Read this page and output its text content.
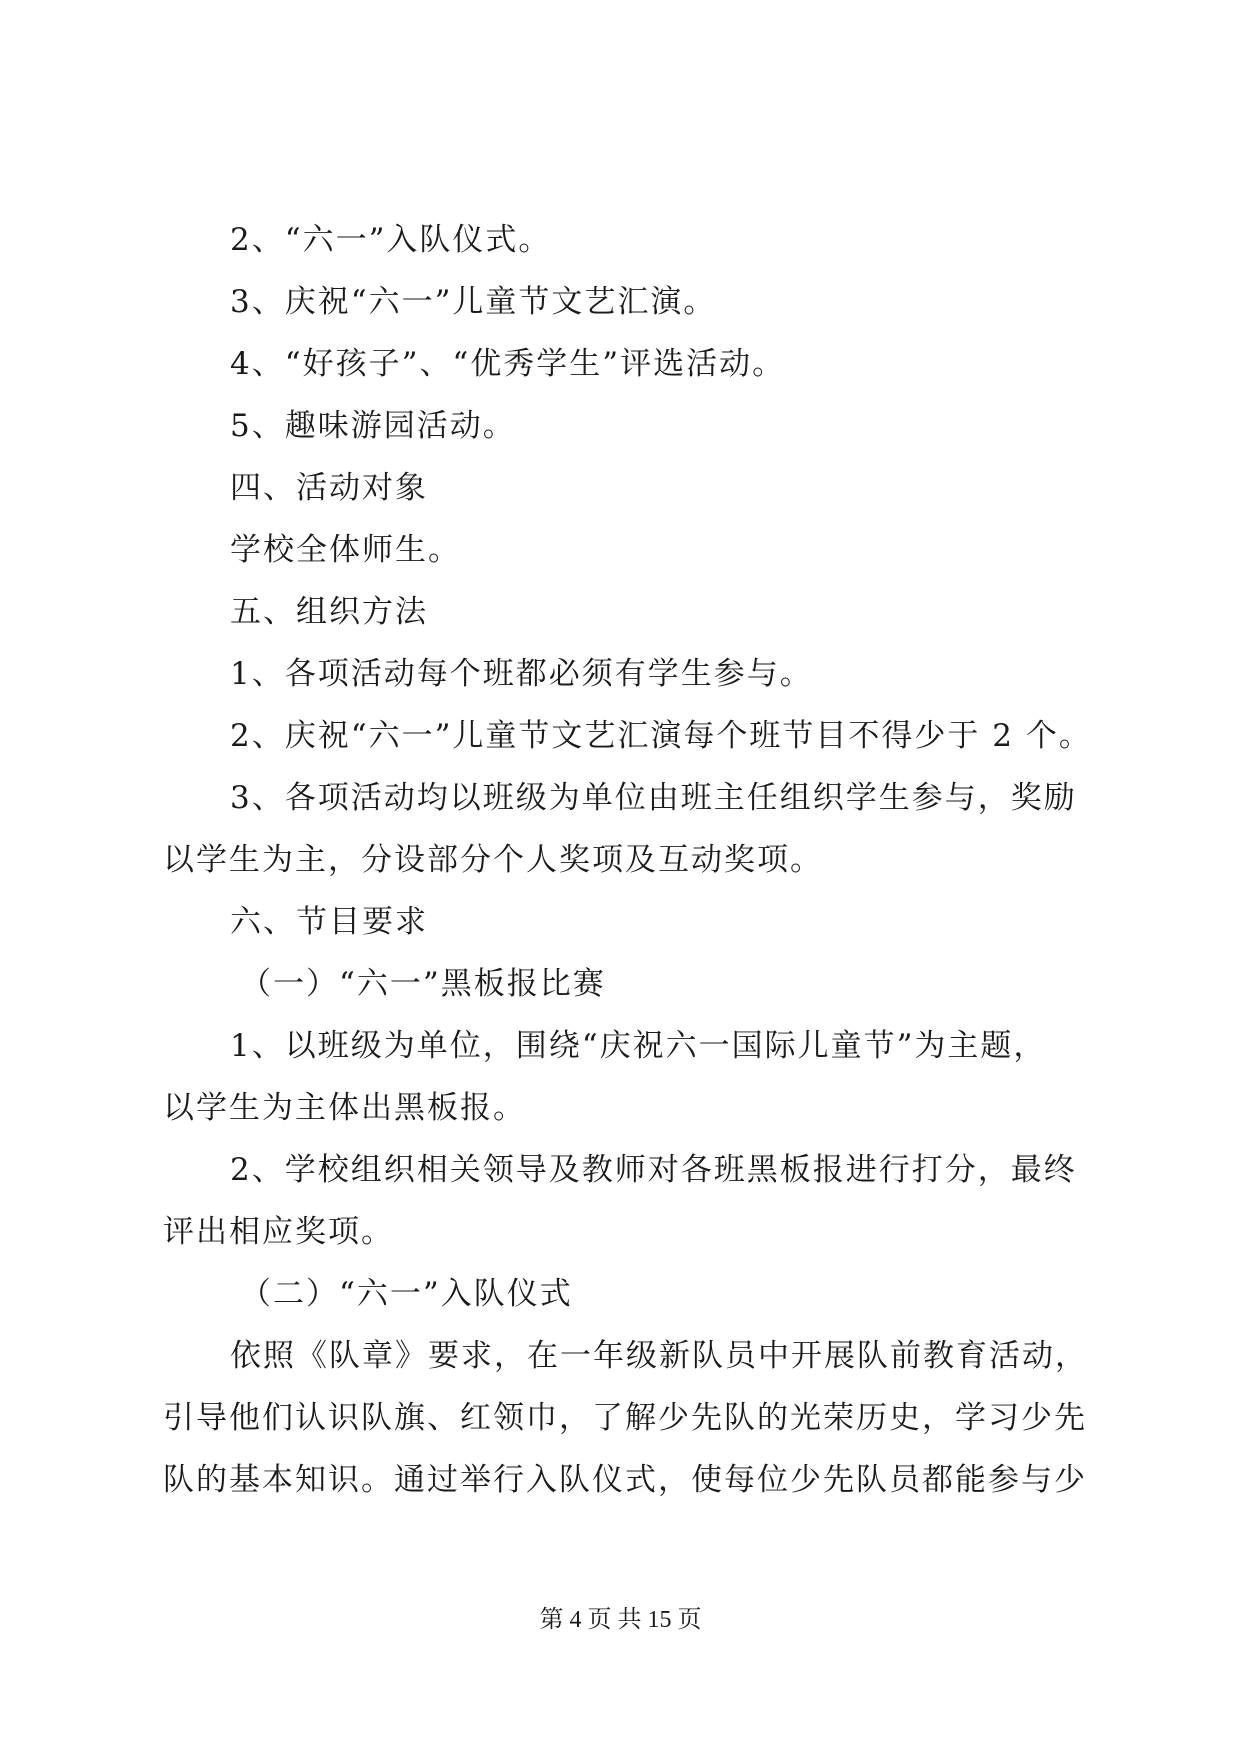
2、“六一”入队仪式。
3、庆祝“六一”儿童节文艺汇演。
4、“好孩子”、“优秀学生”评选活动。
5、趣味游园活动。
四、活动对象
学校全体师生。
五、组织方法
1、各项活动每个班都必须有学生参与。
2、庆祝“六一”儿童节文艺汇演每个班节目不得少于 2 个。
3、各项活动均以班级为单位由班主任组织学生参与，奖励
以学生为主，分设部分个人奖项及互动奖项。
六、节目要求
（一）“六一”黑板报比赛
1、以班级为单位，围绕“庆祝六一国际儿童节”为主题，
以学生为主体出黑板报。
2、学校组织相关领导及教师对各班黑板报进行打分，最终
评出相应奖项。
（二）“六一”入队仪式
依照《队章》要求，在一年级新队员中开展队前教育活动，
引导他们认识队旗、红领巾，了解少先队的光荣历史，学习少先
队的基本知识。通过举行入队仪式，使每位少先队员都能参与少
第 4 页 共 15 页
